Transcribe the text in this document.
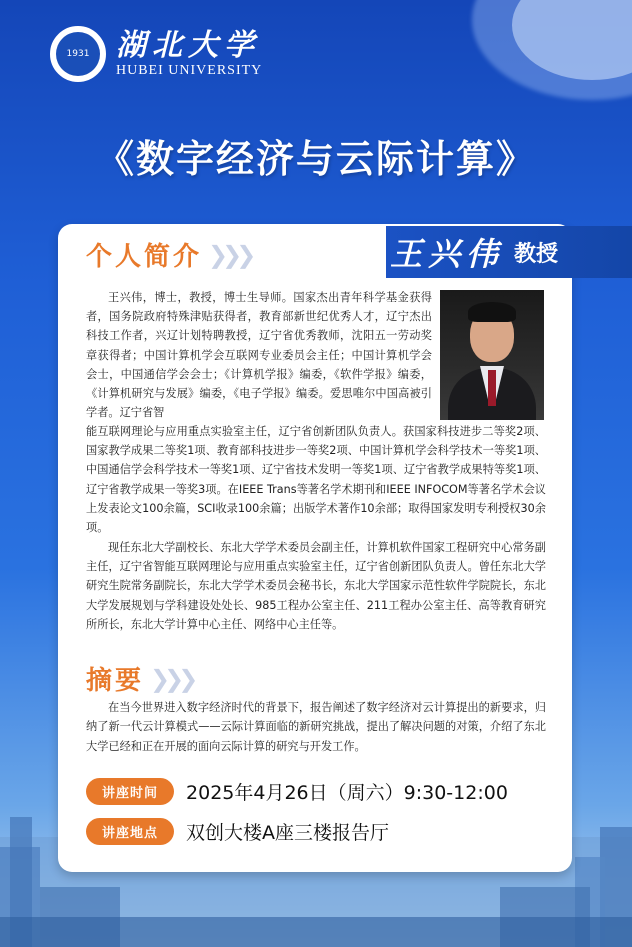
1931 湖北大学
HUBEI UNIVERSITY
《数字经济与云际计算》
个人简介 ❯❯❯	王兴伟 教授
王兴伟，博士，教授，博士生导师。国家杰出青年科学基金获得者，国务院政府特殊津贴获得者，教育部新世纪优秀人才，辽宁杰出科技工作者，兴辽计划特聘教授，辽宁省优秀教师，沈阳五一劳动奖章获得者；中国计算机学会互联网专业委员会主任；中国计算机学会会士，中国通信学会会士；《计算机学报》编委，《软件学报》编委，《计算机研究与发展》编委，《电子学报》编委。爱思唯尔中国高被引学者。辽宁省智
能互联网理论与应用重点实验室主任，辽宁省创新团队负责人。获国家科技进步二等奖2项、国家教学成果二等奖1项、教育部科技进步一等奖2项、中国计算机学会科学技术一等奖1项、中国通信学会科学技术一等奖1项、辽宁省技术发明一等奖1项、辽宁省教学成果特等奖1项、辽宁省教学成果一等奖3项。在IEEE Trans等著名学术期刊和IEEE INFOCOM等著名学术会议上发表论文100余篇，SCI收录100余篇；出版学术著作10余部；取得国家发明专利授权30余项。
现任东北大学副校长、东北大学学术委员会副主任，计算机软件国家工程研究中心常务副主任，辽宁省智能互联网理论与应用重点实验室主任，辽宁省创新团队负责人。曾任东北大学研究生院常务副院长，东北大学学术委员会秘书长，东北大学国家示范性软件学院院长，东北大学发展规划与学科建设处处长、985工程办公室主任、211工程办公室主任、高等教育研究所所长，东北大学计算中心主任、网络中心主任等。
摘要 ❯❯❯
在当今世界进入数字经济时代的背景下，报告阐述了数字经济对云计算提出的新要求，归纳了新一代云计算模式——云际计算面临的新研究挑战，提出了解决问题的对策，介绍了东北大学已经和正在开展的面向云际计算的研究与开发工作。
讲座时间	2025年4月26日（周六）9:30-12:00
讲座地点	双创大楼A座三楼报告厅
